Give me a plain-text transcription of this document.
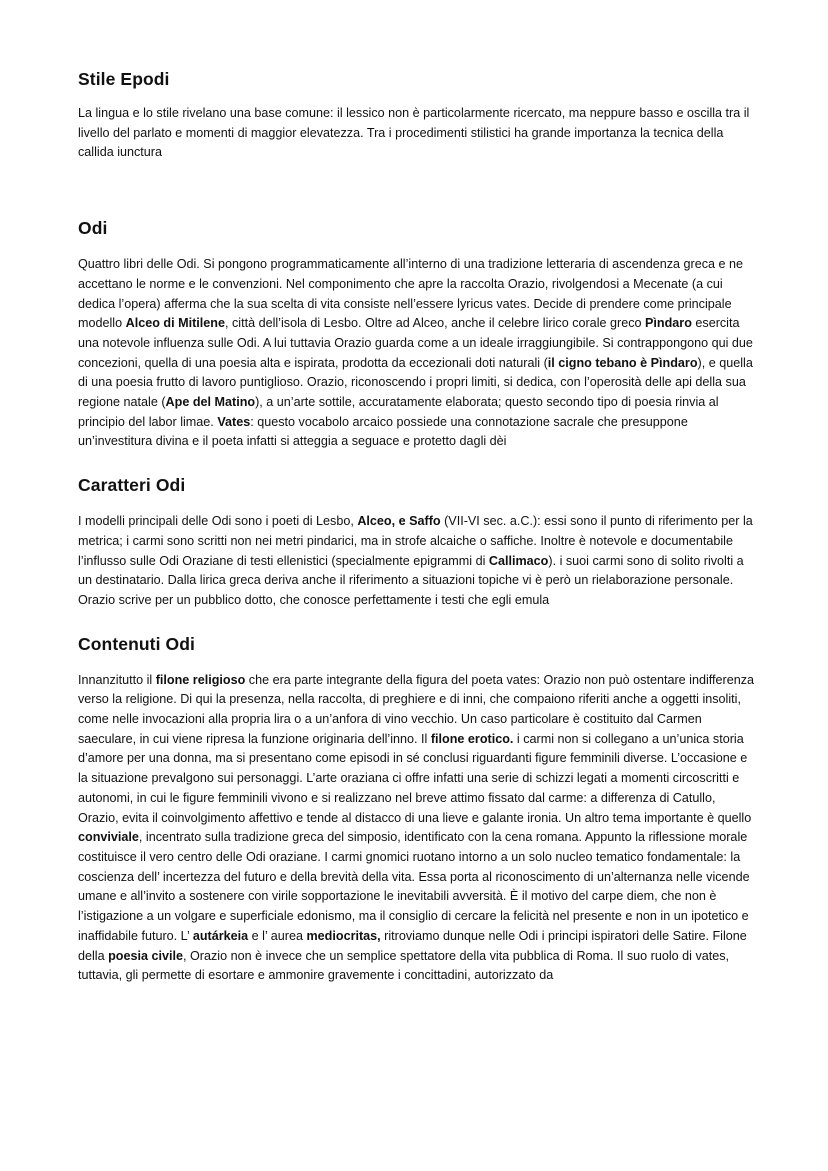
Stile Epodi

La lingua e lo stile rivelano una base comune: il lessico non è particolarmente ricercato, ma neppure basso e oscilla tra il livello del parlato e momenti di maggior elevatezza. Tra i procedimenti stilistici ha grande importanza la tecnica della callida iunctura

Odi

Quattro libri delle Odi. Si pongono programmaticamente all’interno di una tradizione letteraria di ascendenza greca e ne accettano le norme e le convenzioni. Nel componimento che apre la raccolta Orazio, rivolgendosi a Mecenate (a cui dedica l’opera) afferma che la sua scelta di vita consiste nell’essere lyricus vates. Decide di prendere come principale modello Alceo di Mitilene, città dell’isola di Lesbo. Oltre ad Alceo, anche il celebre lirico corale greco Pìndaro esercita una notevole influenza sulle Odi. A lui tuttavia Orazio guarda come a un ideale irraggiungibile. Si contrappongono qui due concezioni, quella di una poesia alta e ispirata, prodotta da eccezionali doti naturali (il cigno tebano è Pìndaro), e quella di una poesia frutto di lavoro puntiglioso. Orazio, riconoscendo i propri limiti, si dedica, con l’operosità delle api della sua regione natale (Ape del Matino), a un’arte sottile, accuratamente elaborata; questo secondo tipo di poesia rinvia al principio del labor limae. Vates: questo vocabolo arcaico possiede una connotazione sacrale che presuppone un’investitura divina e il poeta infatti si atteggia a seguace e protetto dagli dèi

Caratteri Odi

I modelli principali delle Odi sono i poeti di Lesbo, Alceo, e Saffo (VII-VI sec. a.C.): essi sono il punto di riferimento per la metrica; i carmi sono scritti non nei metri pindarici, ma in strofe alcaiche o saffiche. Inoltre è notevole e documentabile l’influsso sulle Odi Oraziane di testi ellenistici (specialmente epigrammi di Callimaco). i suoi carmi sono di solito rivolti a un destinatario. Dalla lirica greca deriva anche il riferimento a situazioni topiche vi è però un rielaborazione personale. Orazio scrive per un pubblico dotto, che conosce perfettamente i testi che egli emula

Contenuti Odi

Innanzitutto il filone religioso che era parte integrante della figura del poeta vates: Orazio non può ostentare indifferenza verso la religione. Di qui la presenza, nella raccolta, di preghiere e di inni, che compaiono riferiti anche a oggetti insoliti, come nelle invocazioni alla propria lira o a un’anfora di vino vecchio. Un caso particolare è costituito dal Carmen saeculare, in cui viene ripresa la funzione originaria dell’inno. Il filone erotico. i carmi non si collegano a un’unica storia d’amore per una donna, ma si presentano come episodi in sé conclusi riguardanti figure femminili diverse. L’occasione e la situazione prevalgono sui personaggi. L’arte oraziana ci offre infatti una serie di schizzi legati a momenti circoscritti e autonomi, in cui le figure femminili vivono e si realizzano nel breve attimo fissato dal carme: a differenza di Catullo, Orazio, evita il coinvolgimento affettivo e tende al distacco di una lieve e galante ironia. Un altro tema importante è quello conviviale, incentrato sulla tradizione greca del simposio, identificato con la cena romana. Appunto la riflessione morale costituisce il vero centro delle Odi oraziane. I carmi gnomici ruotano intorno a un solo nucleo tematico fondamentale: la coscienza dell’ incertezza del futuro e della brevità della vita. Essa porta al riconoscimento di un’alternanza nelle vicende umane e all’invito a sostenere con virile sopportazione le inevitabili avversità. È il motivo del carpe diem, che non è l’istigazione a un volgare e superficiale edonismo, ma il consiglio di cercare la felicità nel presente e non in un ipotetico e inaffidabile futuro. L’ autárkeia e l’ aurea mediocritas, ritroviamo dunque nelle Odi i principi ispiratori delle Satire. Filone della poesia civile, Orazio non è invece che un semplice spettatore della vita pubblica di Roma. Il suo ruolo di vates, tuttavia, gli permette di esortare e ammonire gravemente i concittadini, autorizzato da
